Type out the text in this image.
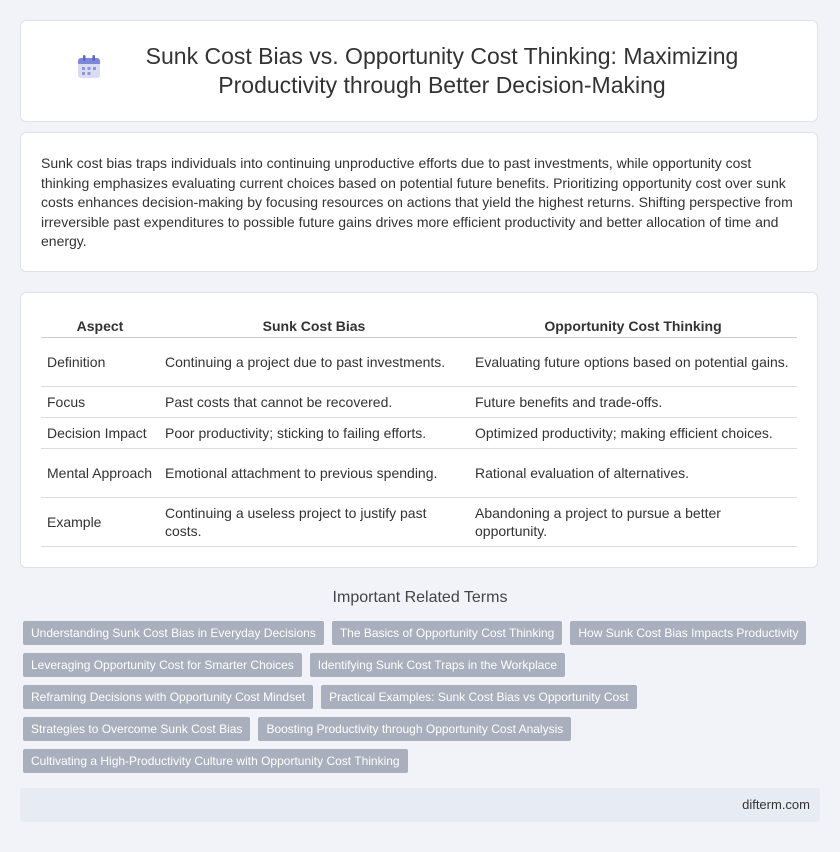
Sunk Cost Bias vs. Opportunity Cost Thinking: Maximizing Productivity through Better Decision-Making

Sunk cost bias traps individuals into continuing unproductive efforts due to past investments, while opportunity cost thinking emphasizes evaluating current choices based on potential future benefits. Prioritizing opportunity cost over sunk costs enhances decision-making by focusing resources on actions that yield the highest returns. Shifting perspective from irreversible past expenditures to possible future gains drives more efficient productivity and better allocation of time and energy.

Aspect	Sunk Cost Bias	Opportunity Cost Thinking
Definition	Continuing a project due to past investments.	Evaluating future options based on potential gains.
Focus	Past costs that cannot be recovered.	Future benefits and trade-offs.
Decision Impact	Poor productivity; sticking to failing efforts.	Optimized productivity; making efficient choices.
Mental Approach	Emotional attachment to previous spending.	Rational evaluation of alternatives.
Example	Continuing a useless project to justify past costs.	Abandoning a project to pursue a better opportunity.
Important Related Terms
Understanding Sunk Cost Bias in Everyday Decisions	The Basics of Opportunity Cost Thinking	How Sunk Cost Bias Impacts Productivity
Leveraging Opportunity Cost for Smarter Choices	Identifying Sunk Cost Traps in the Workplace
Reframing Decisions with Opportunity Cost Mindset	Practical Examples: Sunk Cost Bias vs Opportunity Cost
Strategies to Overcome Sunk Cost Bias	Boosting Productivity through Opportunity Cost Analysis
Cultivating a High-Productivity Culture with Opportunity Cost Thinking
difterm.com
